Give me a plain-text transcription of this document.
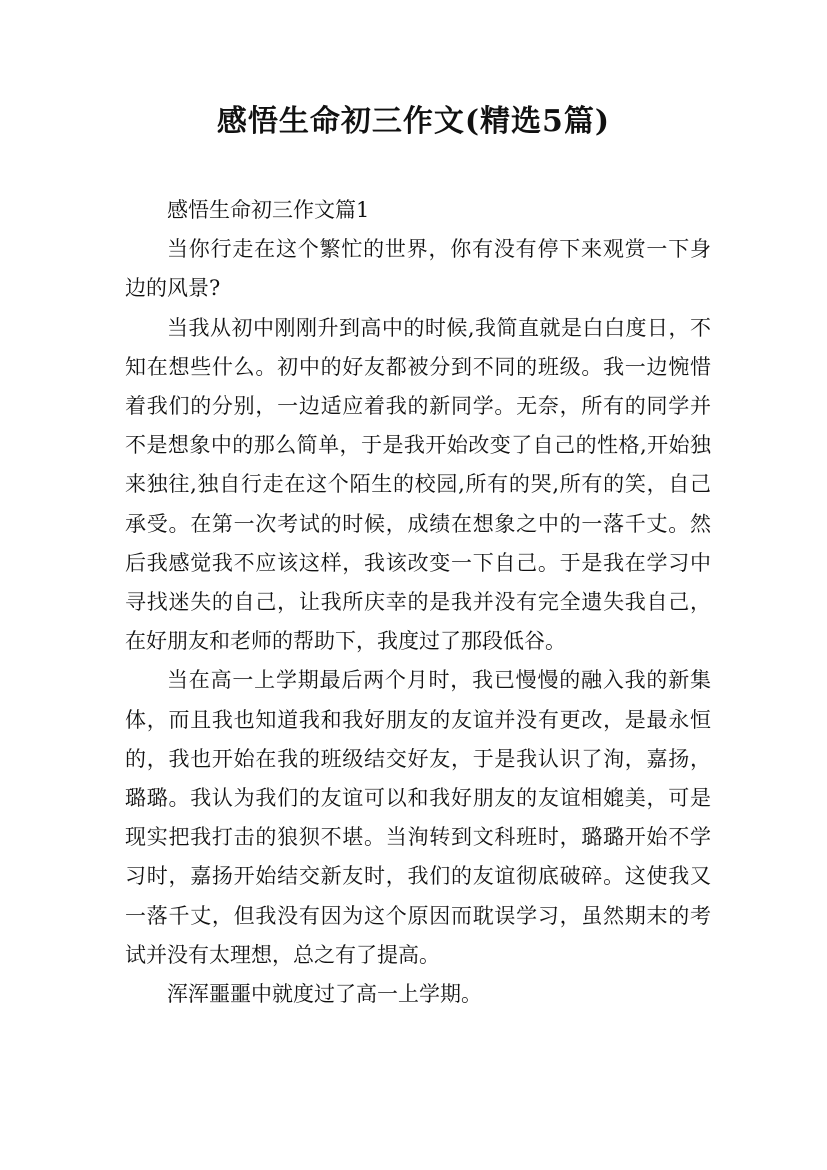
感悟生命初三作文(精选5篇)

感悟生命初三作文篇1

当你行走在这个繁忙的世界，你有没有停下来观赏一下身边的风景?

当我从初中刚刚升到高中的时候,我简直就是白白度日，不知在想些什么。初中的好友都被分到不同的班级。我一边惋惜着我们的分别，一边适应着我的新同学。无奈，所有的同学并不是想象中的那么简单，于是我开始改变了自己的性格,开始独来独往,独自行走在这个陌生的校园,所有的哭,所有的笑，自己承受。在第一次考试的时候，成绩在想象之中的一落千丈。然后我感觉我不应该这样，我该改变一下自己。于是我在学习中寻找迷失的自己，让我所庆幸的是我并没有完全遗失我自己，在好朋友和老师的帮助下，我度过了那段低谷。

当在高一上学期最后两个月时，我已慢慢的融入我的新集体，而且我也知道我和我好朋友的友谊并没有更改，是最永恒的，我也开始在我的班级结交好友，于是我认识了洵，嘉扬，璐璐。我认为我们的友谊可以和我好朋友的友谊相媲美，可是现实把我打击的狼狈不堪。当洵转到文科班时，璐璐开始不学习时，嘉扬开始结交新友时，我们的友谊彻底破碎。这使我又一落千丈，但我没有因为这个原因而耽误学习，虽然期末的考试并没有太理想，总之有了提高。

浑浑噩噩中就度过了高一上学期。
